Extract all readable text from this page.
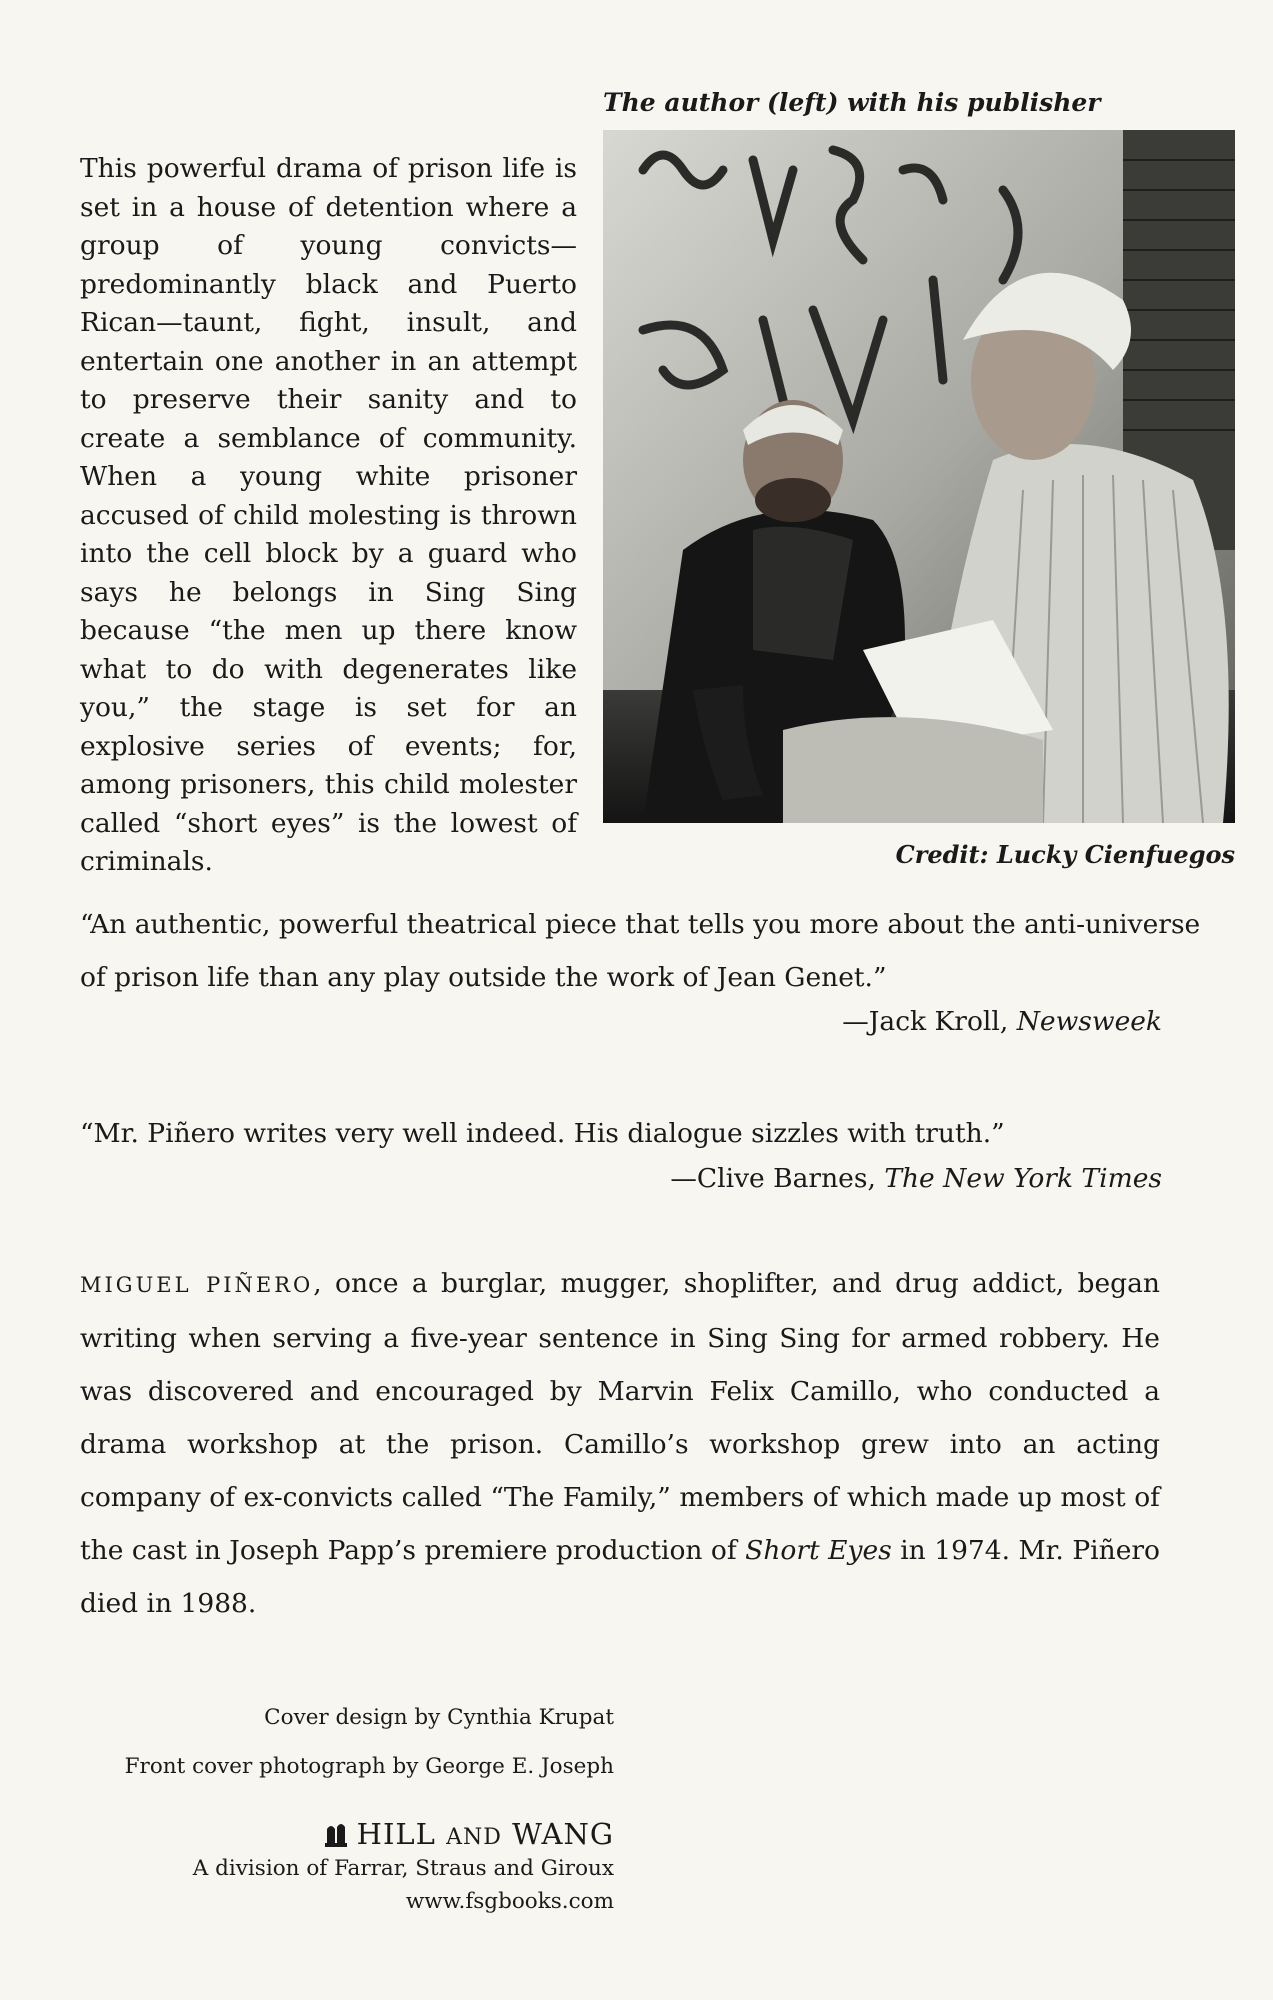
The author (left) with his publisher
This powerful drama of prison life is set in a house of detention where a group of young convicts—predominantly black and Puerto Rican—taunt, fight, insult, and entertain one another in an attempt to preserve their sanity and to create a semblance of community. When a young white prisoner accused of child molesting is thrown into the cell block by a guard who says he belongs in Sing Sing because “the men up there know what to do with degenerates like you,” the stage is set for an explosive series of events; for, among prisoners, this child molester called “short eyes” is the lowest of criminals.	Credit: Lucky Cienfuegos
“An authentic, powerful theatrical piece that tells you more about the anti-universe of prison life than any play outside the work of Jean Genet.”
—Jack Kroll, Newsweek
“Mr. Piñero writes very well indeed. His dialogue sizzles with truth.”
—Clive Barnes, The New York Times
MIGUEL PIÑERO, once a burglar, mugger, shoplifter, and drug addict, began writing when serving a five-year sentence in Sing Sing for armed robbery. He was discovered and encouraged by Marvin Felix Camillo, who conducted a drama workshop at the prison. Camillo’s workshop grew into an acting company of ex-convicts called “The Family,” members of which made up most of the cast in Joseph Papp’s premiere production of Short Eyes in 1974. Mr. Piñero died in 1988.
Cover design by Cynthia Krupat
Front cover photograph by George E. Joseph
HILL AND WANG
A division of Farrar, Straus and Giroux
www.fsgbooks.com
